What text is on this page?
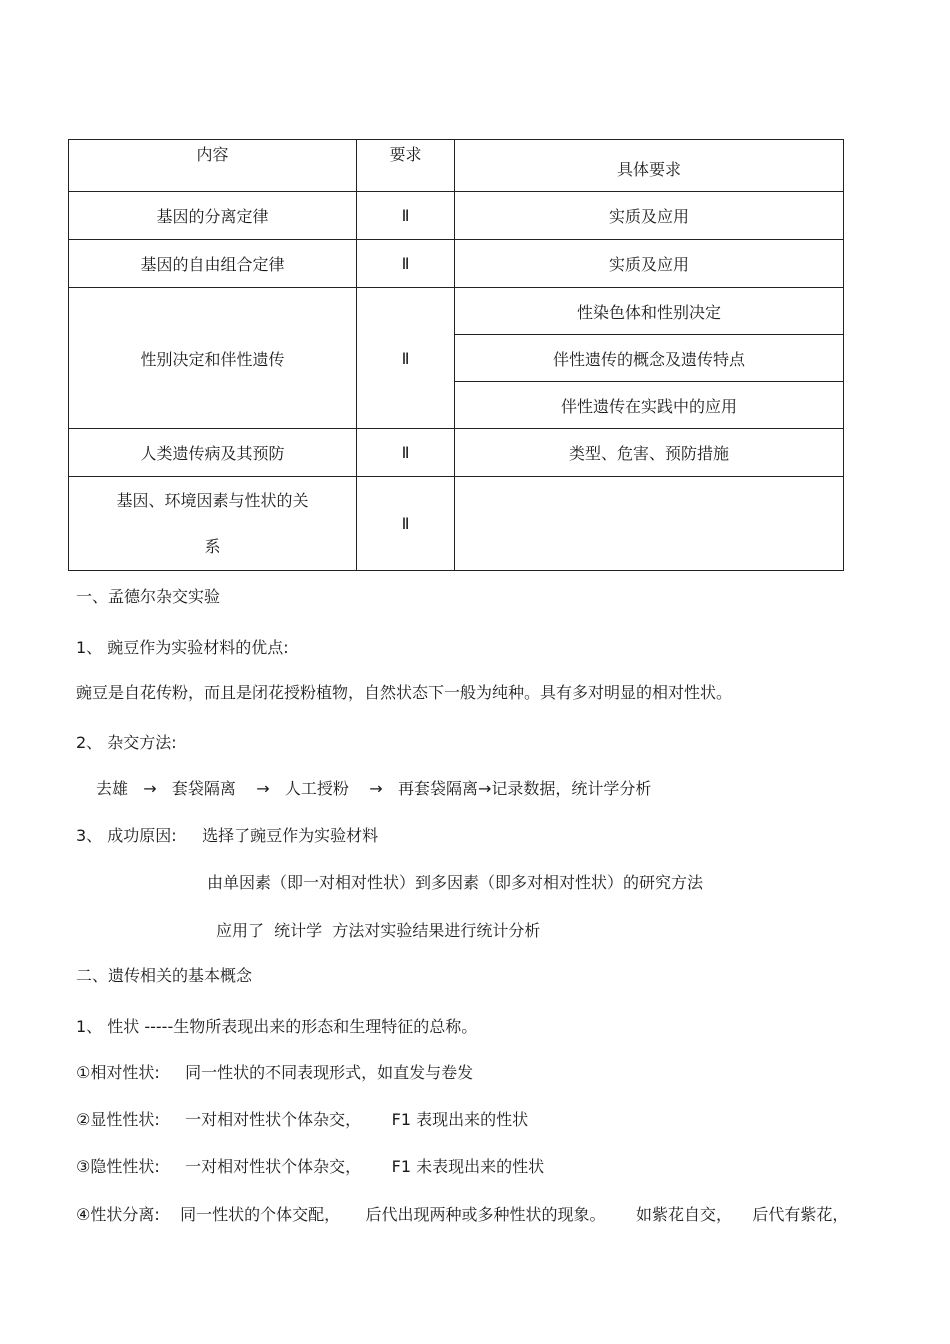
内容	要求	具体要求
基因的分离定律	Ⅱ	实质及应用
基因的自由组合定律	Ⅱ	实质及应用
性别决定和伴性遗传	Ⅱ	性染色体和性别决定
		伴性遗传的概念及遗传特点
		伴性遗传在实践中的应用
人类遗传病及其预防	Ⅱ	类型、危害、预防措施

基因、环境因素与性状的关
系	Ⅱ	
一、孟德尔杂交实验
1、 豌豆作为实验材料的优点:
豌豆是自花传粉，而且是闭花授粉植物，自然状态下一般为纯种。具有多对明显的相对性状。
2、 杂交方法:
去雄   →   套袋隔离    →   人工授粉    →   再套袋隔离→记录数据，统计学分析
3、 成功原因:     选择了豌豆作为实验材料
由单因素（即一对相对性状）到多因素（即多对相对性状）的研究方法
应用了  统计学  方法对实验结果进行统计分析
二、遗传相关的基本概念
1、 性状 -----生物所表现出来的形态和生理特征的总称。
①相对性状:     同一性状的不同表现形式，如直发与卷发
②显性性状:     一对相对性状个体杂交，      F1 表现出来的性状
③隐性性状:     一对相对性状个体杂交，      F1 未表现出来的性状
④性状分离:    同一性状的个体交配，     后代出现两种或多种性状的现象。      如紫花自交，    后代有紫花，
